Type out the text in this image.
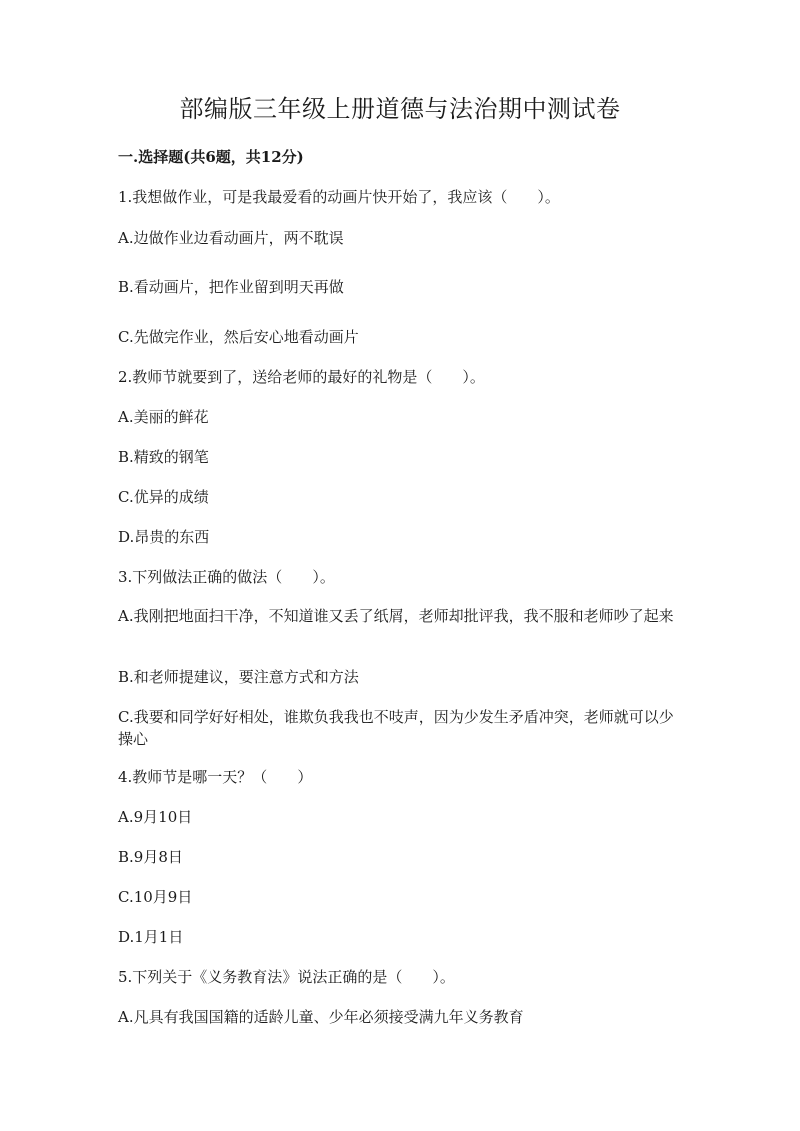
部编版三年级上册道德与法治期中测试卷
一.选择题(共6题，共12分)

1.我想做作业，可是我最爱看的动画片快开始了，我应该（　　）。

A.边做作业边看动画片，两不耽误

B.看动画片，把作业留到明天再做

C.先做完作业，然后安心地看动画片

2.教师节就要到了，送给老师的最好的礼物是（　　）。

A.美丽的鲜花

B.精致的钢笔

C.优异的成绩

D.昂贵的东西

3.下列做法正确的做法（　　）。

A.我刚把地面扫干净，不知道谁又丢了纸屑，老师却批评我，我不服和老师吵了起来

B.和老师提建议，要注意方式和方法

C.我要和同学好好相处，谁欺负我我也不吱声，因为少发生矛盾冲突，老师就可以少操心

4.教师节是哪一天？（　　）

A.9月10日

B.9月8日

C.10月9日

D.1月1日

5.下列关于《义务教育法》说法正确的是（　　）。

A.凡具有我国国籍的适龄儿童、少年必须接受满九年义务教育
